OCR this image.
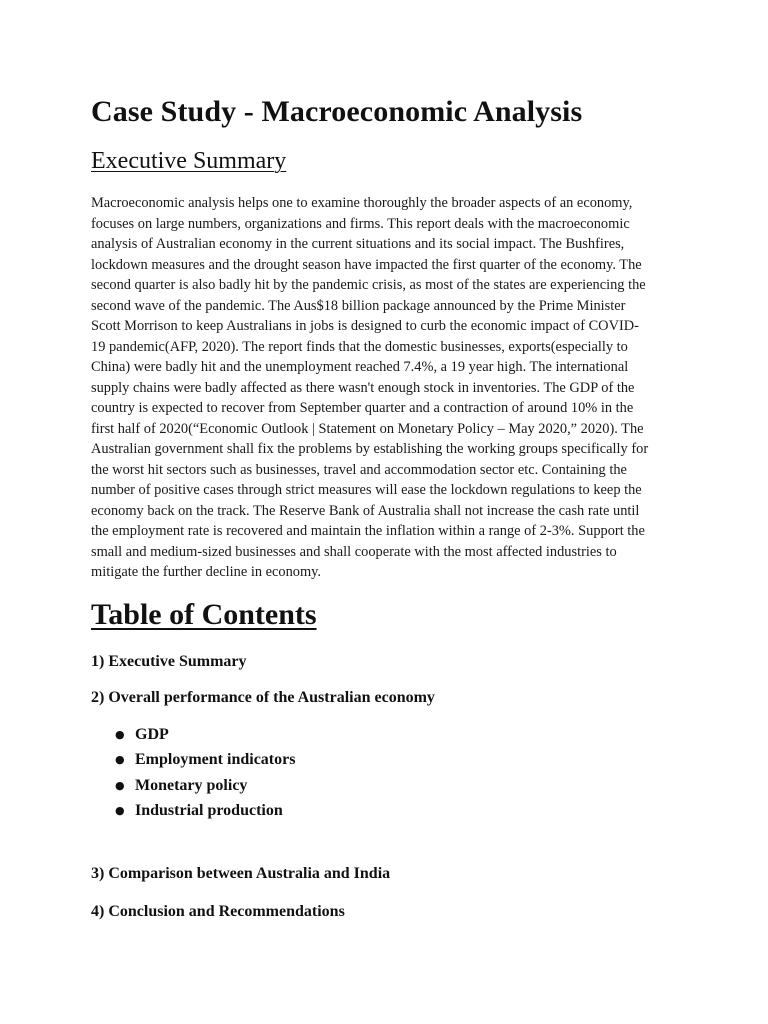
Case Study - Macroeconomic Analysis
Executive Summary

Macroeconomic analysis helps one to examine thoroughly the broader aspects of an economy,
focuses on large numbers, organizations and firms. This report deals with the macroeconomic
analysis of Australian economy in the current situations and its social impact. The Bushfires,
lockdown measures and the drought season have impacted the first quarter of the economy. The
second quarter is also badly hit by the pandemic crisis, as most of the states are experiencing the
second wave of the pandemic. The Aus$18 billion package announced by the Prime Minister
Scott Morrison to keep Australians in jobs is designed to curb the economic impact of COVID-
19 pandemic(AFP, 2020). The report finds that the domestic businesses, exports(especially to
China) were badly hit and the unemployment reached 7.4%, a 19 year high. The international
supply chains were badly affected as there wasn't enough stock in inventories. The GDP of the
country is expected to recover from September quarter and a contraction of around 10% in the
first half of 2020(“Economic Outlook | Statement on Monetary Policy – May 2020,” 2020). The
Australian government shall fix the problems by establishing the working groups specifically for
the worst hit sectors such as businesses, travel and accommodation sector etc. Containing the
number of positive cases through strict measures will ease the lockdown regulations to keep the
economy back on the track. The Reserve Bank of Australia shall not increase the cash rate until
the employment rate is recovered and maintain the inflation within a range of 2-3%. Support the
small and medium-sized businesses and shall cooperate with the most affected industries to
mitigate the further decline in economy.

Table of Contents

1) Executive Summary

2) Overall performance of the Australian economy

● GDP
● Employment indicators
● Monetary policy
● Industrial production

3) Comparison between Australia and India

4) Conclusion and Recommendations
